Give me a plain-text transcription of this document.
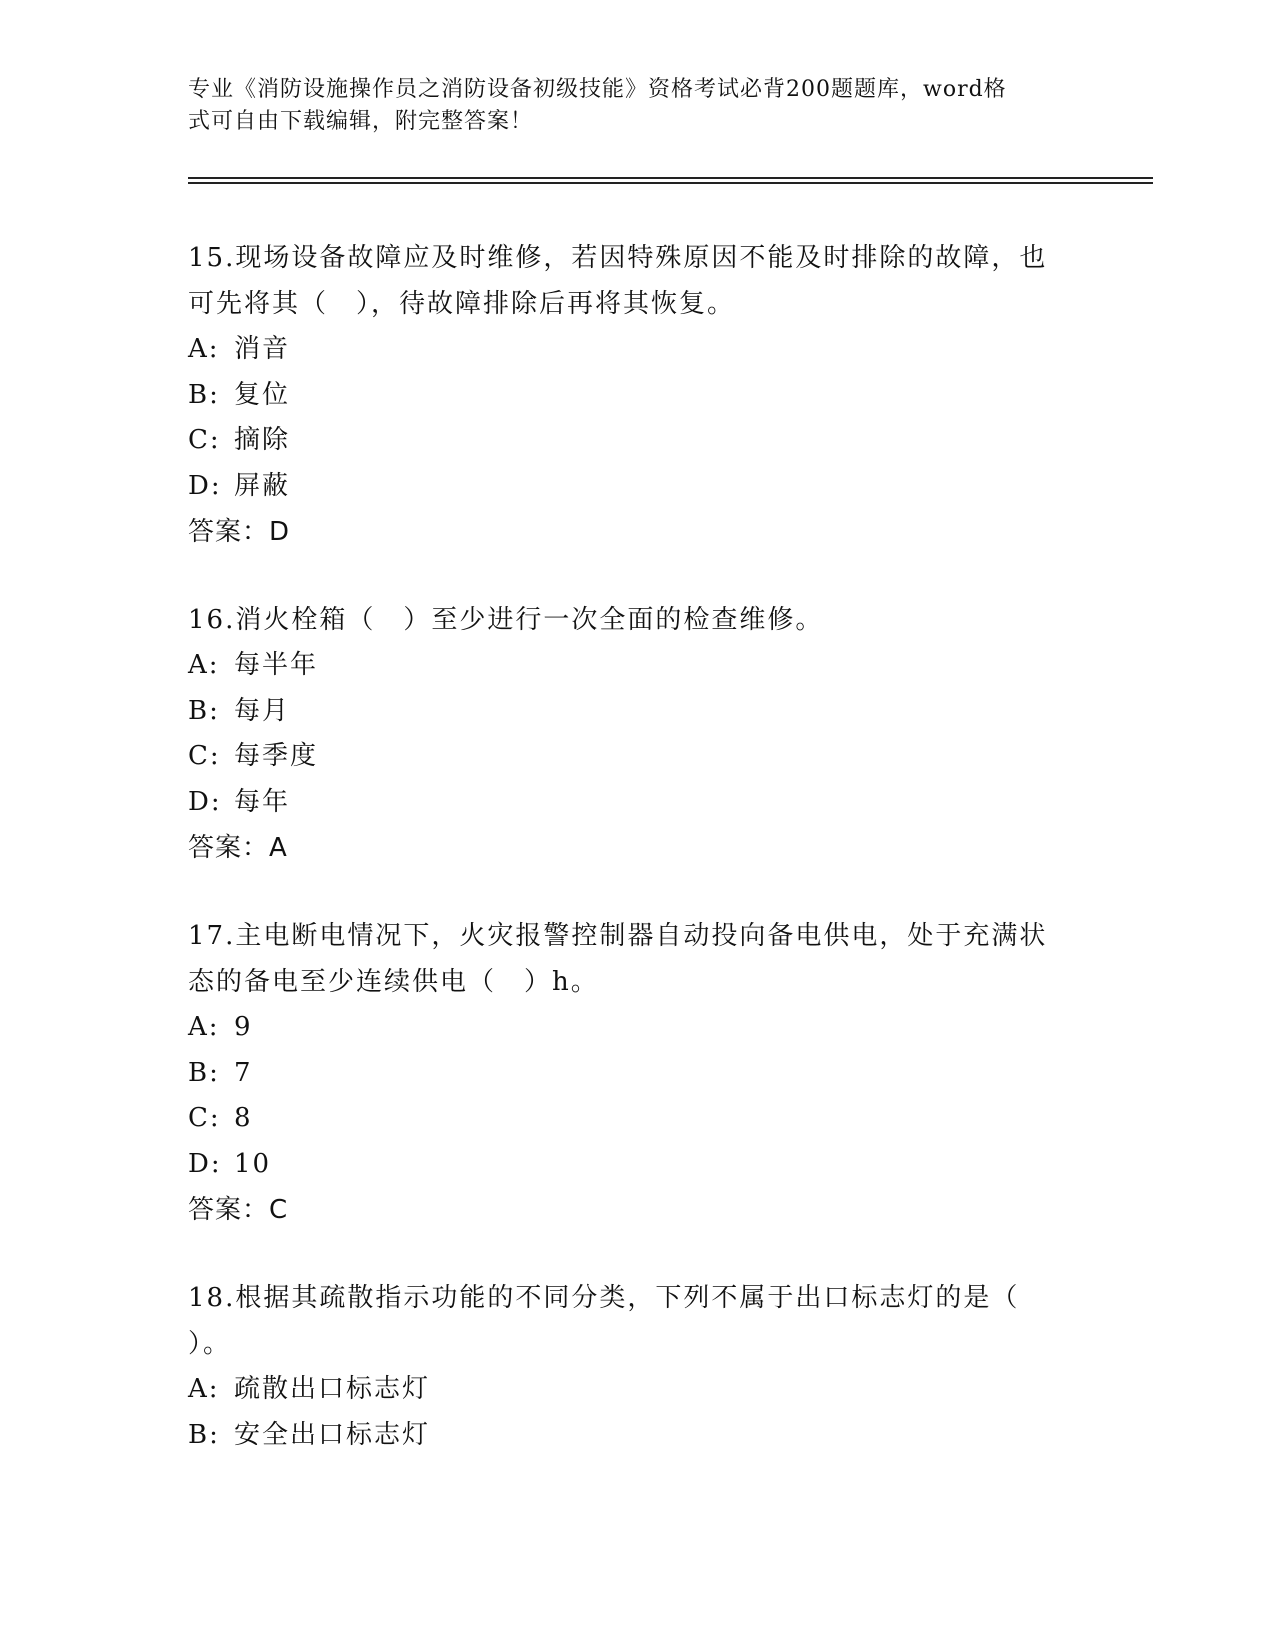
专业《消防设施操作员之消防设备初级技能》资格考试必背200题题库，word格
式可自由下载编辑，附完整答案！
15.现场设备故障应及时维修，若因特殊原因不能及时排除的故障，也
可先将其（　），待故障排除后再将其恢复。
A: 消音
B: 复位
C: 摘除
D: 屏蔽
答案：D
16.消火栓箱（　）至少进行一次全面的检查维修。
A: 每半年
B: 每月
C: 每季度
D: 每年
答案：A
17.主电断电情况下，火灾报警控制器自动投向备电供电，处于充满状
态的备电至少连续供电（　）h。
A: 9
B: 7
C: 8
D: 10
答案：C
18.根据其疏散指示功能的不同分类，下列不属于出口标志灯的是（
）。
A: 疏散出口标志灯
B: 安全出口标志灯
